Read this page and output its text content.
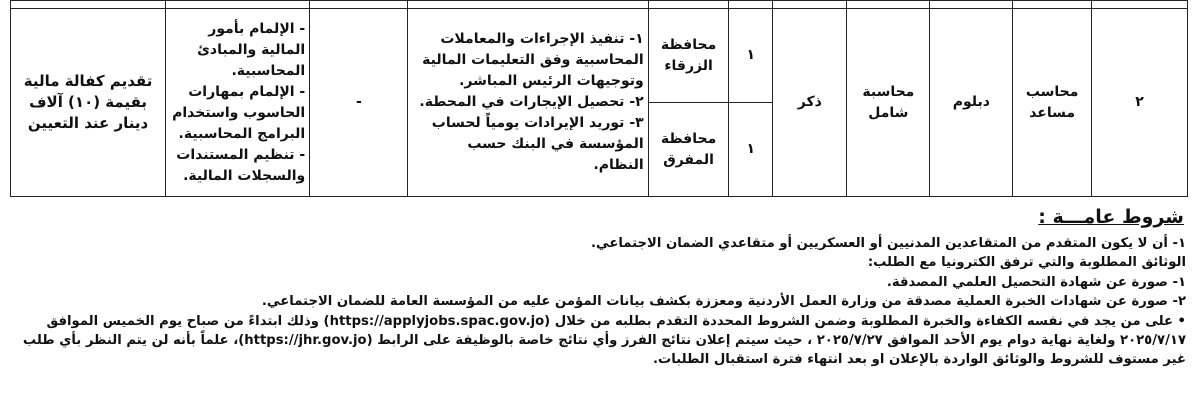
٢	محاسب مساعد	دبلوم	محاسبة شامل	ذكر	١	محافظة الزرقاء	١- تنفيذ الإجراءات والمعاملات المحاسبية وفق التعليمات المالية وتوجيهات الرئيس المباشر.
٢- تحصيل الإيجارات في المحطة.
٣- توريد الإيرادات يومياً لحساب المؤسسة في البنك حسب النظام.	-	- الإلمام بأمور المالية والمبادئ المحاسبية.
- الإلمام بمهارات الحاسوب واستخدام البرامج المحاسبية.
- تنظيم المستندات والسجلات المالية.	تقديم كفالة مالية بقيمة (١٠) آلاف دينار عند التعيين
					١	محافظة المفرق				
شروط عامـــة :
١- أن لا يكون المتقدم من المتقاعدين المدنيين أو العسكريين أو متقاعدي الضمان الاجتماعي.
الوثائق المطلوبة والتي ترفق الكترونيا مع الطلب:
١- صورة عن شهادة التحصيل العلمي المصدقة.
٢- صورة عن شهادات الخبرة العملية مصدقة من وزارة العمل الأردنية ومعززة بكشف بيانات المؤمن عليه من المؤسسة العامة للضمان الاجتماعي.
• على من يجد في نفسه الكفاءة والخبرة المطلوبة وضمن الشروط المحددة التقدم بطلبه من خلال (https://applyjobs.spac.gov.jo) وذلك ابتداءً من صباح يوم الخميس الموافق
٢٠٢٥/٧/١٧ ولغاية نهاية دوام يوم الأحد الموافق ٢٠٢٥/٧/٢٧ ، حيث سيتم إعلان نتائج الفرز وأي نتائج خاصة بالوظيفة على الرابط (https://jhr.gov.jo)، علماً بأنه لن يتم النظر بأي طلب
غير مستوف للشروط والوثائق الواردة بالإعلان او بعد انتهاء فترة استقبال الطلبات.
